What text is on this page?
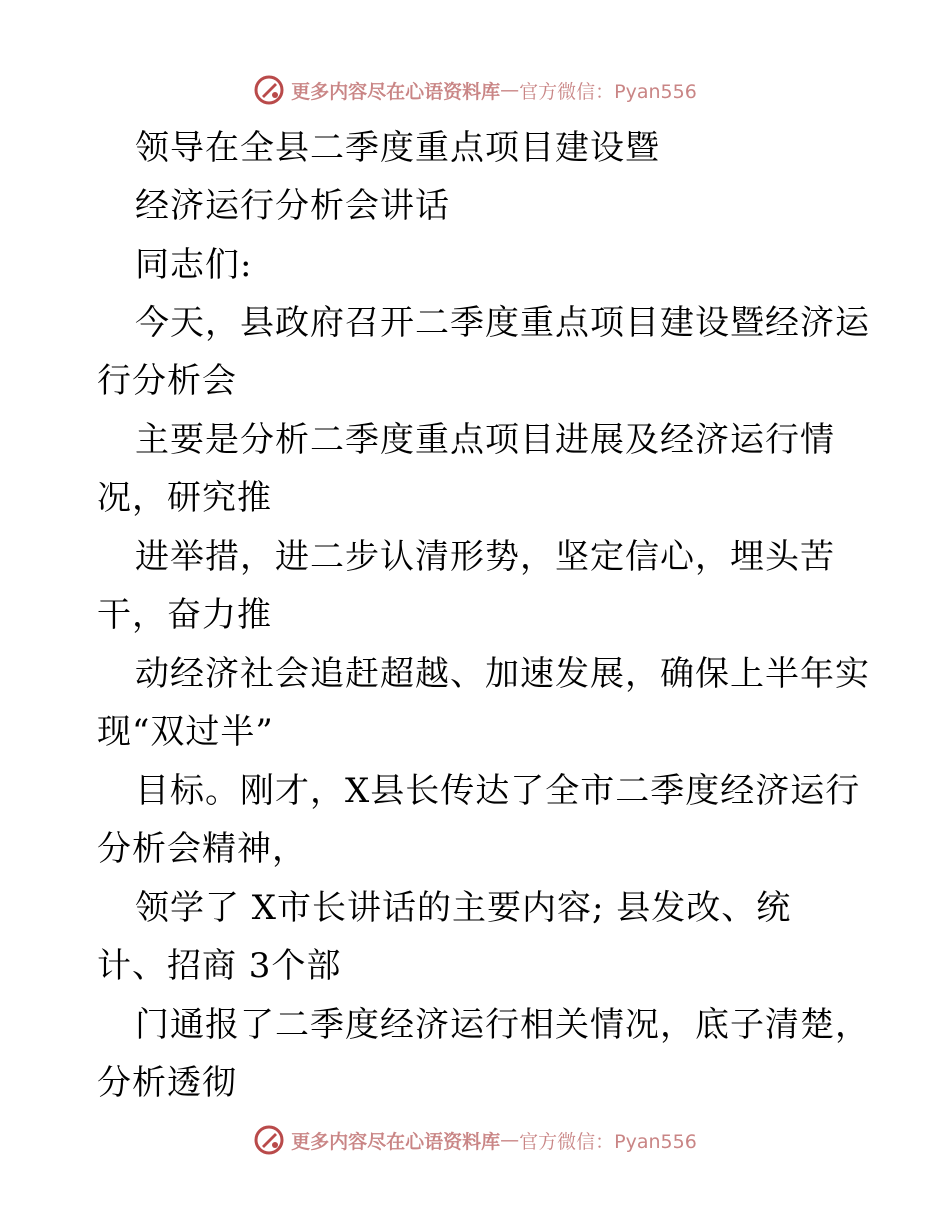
更多内容尽在心语资料库 — 官方微信：Pyan556
领导在全县二季度重点项目建设暨
经济运行分析会讲话
同志们:
今天，县政府召开二季度重点项目建设暨经济运
行分析会
主要是分析二季度重点项目进展及经济运行情
况，研究推
进举措，进二步认清形势，坚定信心，埋头苦
干，奋力推
动经济社会追赶超越、加速发展，确保上半年实
现“双过半”
目标。刚才，X县长传达了全市二季度经济运行
分析会精神，
领学了 X市长讲话的主要内容; 县发改、统
计、招商 3个部
门通报了二季度经济运行相关情况，底子清楚，
分析透彻
更多内容尽在心语资料库 — 官方微信：Pyan556
